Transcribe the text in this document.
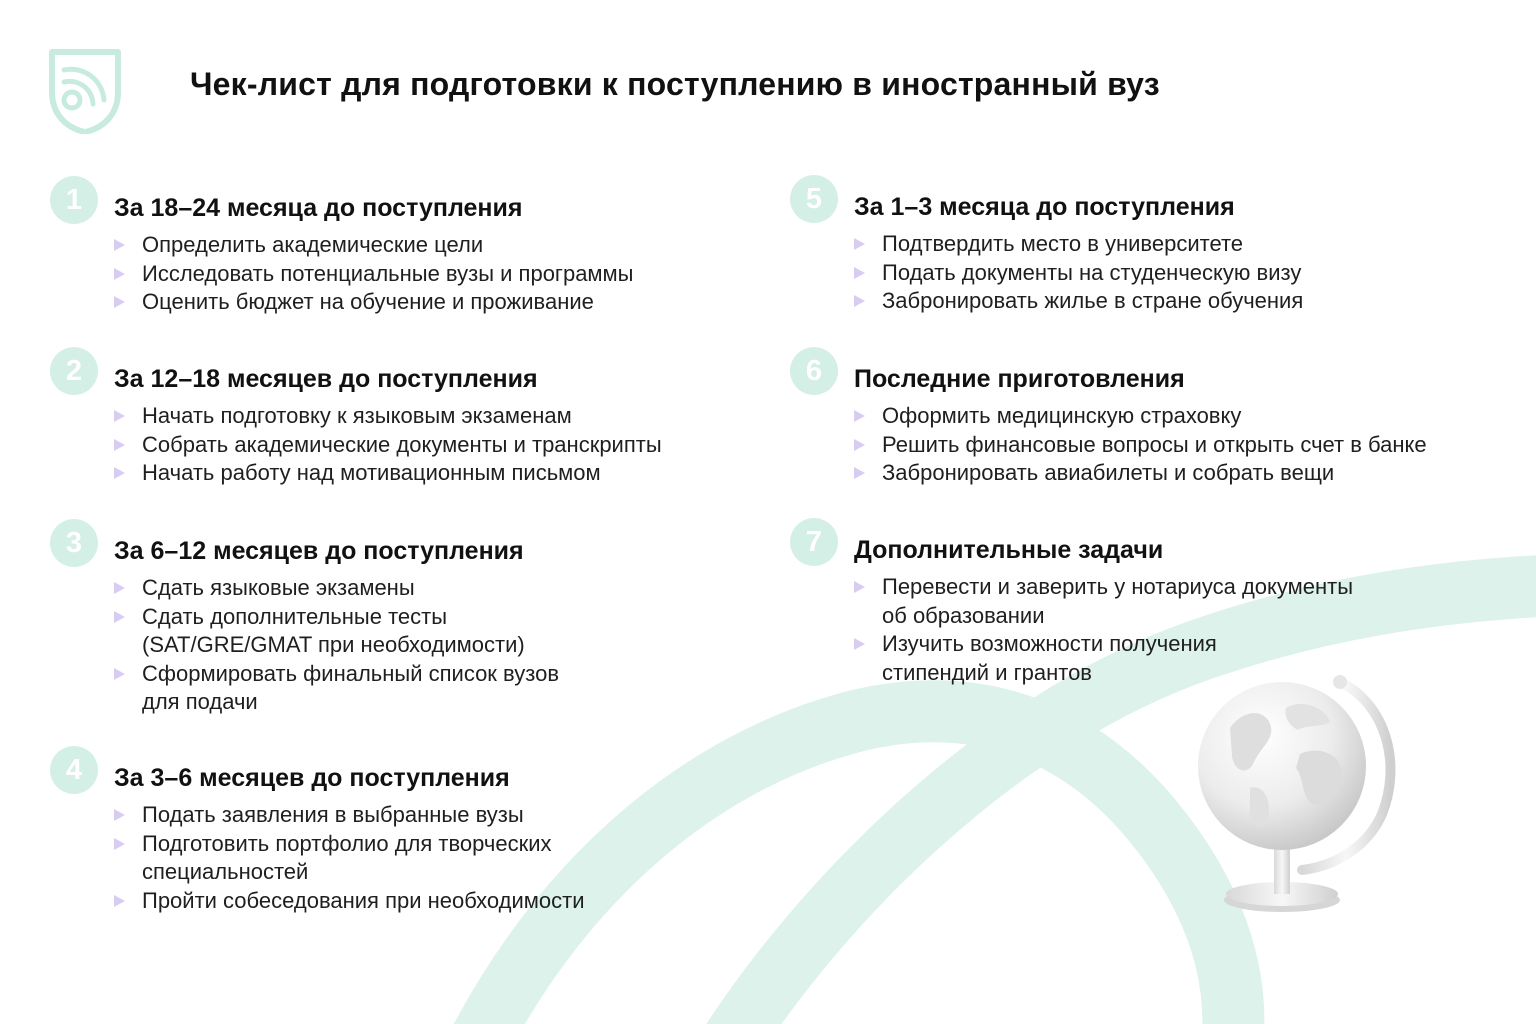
Чек-лист для подготовки к поступлению в иностранный вуз
1	За 18–24 месяца до поступления
Определить академические цели
Исследовать потенциальные вузы и программы
Оценить бюджет на обучение и проживание
2	За 12–18 месяцев до поступления
Начать подготовку к языковым экзаменам
Собрать академические документы и транскрипты
Начать работу над мотивационным письмом
3	За 6–12 месяцев до поступления
Сдать языковые экзамены
Сдать дополнительные тесты
(SAT/GRE/GMAT при необходимости)
Сформировать финальный список вузов
для подачи
4	За 3–6 месяцев до поступления
Подать заявления в выбранные вузы
Подготовить портфолио для творческих
специальностей
Пройти собеседования при необходимости
5	За 1–3 месяца до поступления
Подтвердить место в университете
Подать документы на студенческую визу
Забронировать жилье в стране обучения
6	Последние приготовления
Оформить медицинскую страховку
Решить финансовые вопросы и открыть счет в банке
Забронировать авиабилеты и собрать вещи
7	Дополнительные задачи
Перевести и заверить у нотариуса документы
об образовании
Изучить возможности получения
стипендий и грантов
